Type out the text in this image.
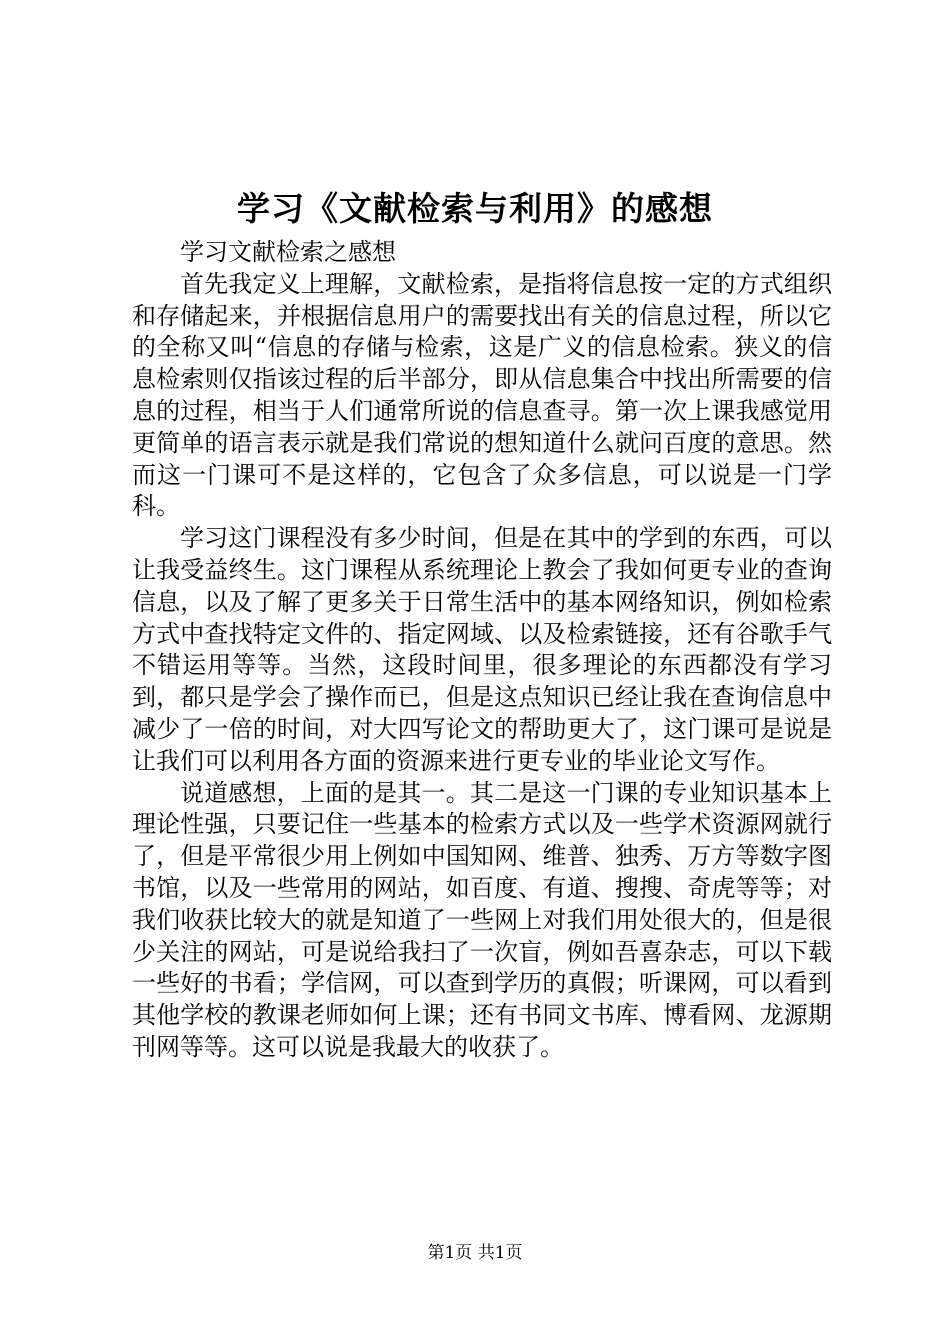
学习《文献检索与利用》的感想

学习文献检索之感想

首先我定义上理解，文献检索，是指将信息按一定的方式组织和存储起来，并根据信息用户的需要找出有关的信息过程，所以它的全称又叫“信息的存储与检索，这是广义的信息检索。狭义的信息检索则仅指该过程的后半部分，即从信息集合中找出所需要的信息的过程，相当于人们通常所说的信息查寻。第一次上课我感觉用更简单的语言表示就是我们常说的想知道什么就问百度的意思。然而这一门课可不是这样的，它包含了众多信息，可以说是一门学科。

学习这门课程没有多少时间，但是在其中的学到的东西，可以让我受益终生。这门课程从系统理论上教会了我如何更专业的查询信息，以及了解了更多关于日常生活中的基本网络知识，例如检索方式中查找特定文件的、指定网域、以及检索链接，还有谷歌手气不错运用等等。当然，这段时间里，很多理论的东西都没有学习到，都只是学会了操作而已，但是这点知识已经让我在查询信息中减少了一倍的时间，对大四写论文的帮助更大了，这门课可是说是让我们可以利用各方面的资源来进行更专业的毕业论文写作。

说道感想，上面的是其一。其二是这一门课的专业知识基本上理论性强，只要记住一些基本的检索方式以及一些学术资源网就行了，但是平常很少用上例如中国知网、维普、独秀、万方等数字图书馆，以及一些常用的网站，如百度、有道、搜搜、奇虎等等；对我们收获比较大的就是知道了一些网上对我们用处很大的，但是很少关注的网站，可是说给我扫了一次盲，例如吾喜杂志，可以下载一些好的书看；学信网，可以查到学历的真假；听课网，可以看到其他学校的教课老师如何上课；还有书同文书库、博看网、龙源期刊网等等。这可以说是我最大的收获了。

第1页 共1页
